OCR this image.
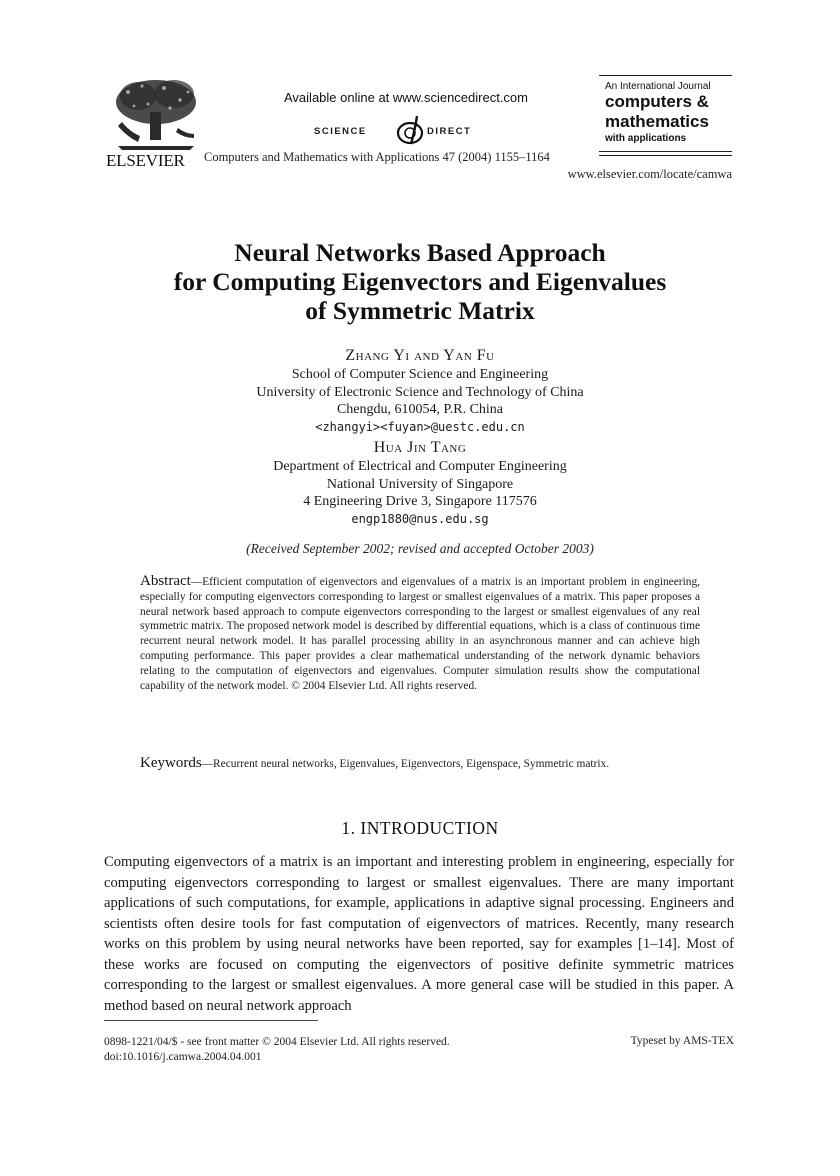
ELSEVIER
Available online at www.sciencedirect.com
SCIENCE	DIRECT
Computers and Mathematics with Applications 47 (2004) 1155–1164
An International Journal
computers &
mathematics
with applications
www.elsevier.com/locate/camwa
Neural Networks Based Approach
for Computing Eigenvectors and Eigenvalues
of Symmetric Matrix
Zhang Yi and Yan Fu
School of Computer Science and Engineering
University of Electronic Science and Technology of China
Chengdu, 610054, P.R. China
<zhangyi><fuyan>@uestc.edu.cn
Hua Jin Tang
Department of Electrical and Computer Engineering
National University of Singapore
4 Engineering Drive 3, Singapore 117576
engp1880@nus.edu.sg
(Received September 2002; revised and accepted October 2003)
Abstract—Efficient computation of eigenvectors and eigenvalues of a matrix is an important problem in engineering, especially for computing eigenvectors corresponding to largest or smallest eigenvalues of a matrix. This paper proposes a neural network based approach to compute eigenvectors corresponding to the largest or smallest eigenvalues of any real symmetric matrix. The proposed network model is described by differential equations, which is a class of continuous time recurrent neural network model. It has parallel processing ability in an asynchronous manner and can achieve high computing performance. This paper provides a clear mathematical understanding of the network dynamic behaviors relating to the computation of eigenvectors and eigenvalues. Computer simulation results show the computational capability of the network model. © 2004 Elsevier Ltd. All rights reserved.
Keywords—Recurrent neural networks, Eigenvalues, Eigenvectors, Eigenspace, Symmetric matrix.
1. INTRODUCTION
Computing eigenvectors of a matrix is an important and interesting problem in engineering, especially for computing eigenvectors corresponding to largest or smallest eigenvalues. There are many important applications of such computations, for example, applications in adaptive signal processing. Engineers and scientists often desire tools for fast computation of eigenvectors of matrices. Recently, many research works on this problem by using neural networks have been reported, say for examples [1–14]. Most of these works are focused on computing the eigenvectors of positive definite symmetric matrices corresponding to the largest or smallest eigenvalues. A more general case will be studied in this paper. A method based on neural network approach
0898-1221/04/$ - see front matter © 2004 Elsevier Ltd. All rights reserved.
doi:10.1016/j.camwa.2004.04.001
Typeset by AMS-TEX
